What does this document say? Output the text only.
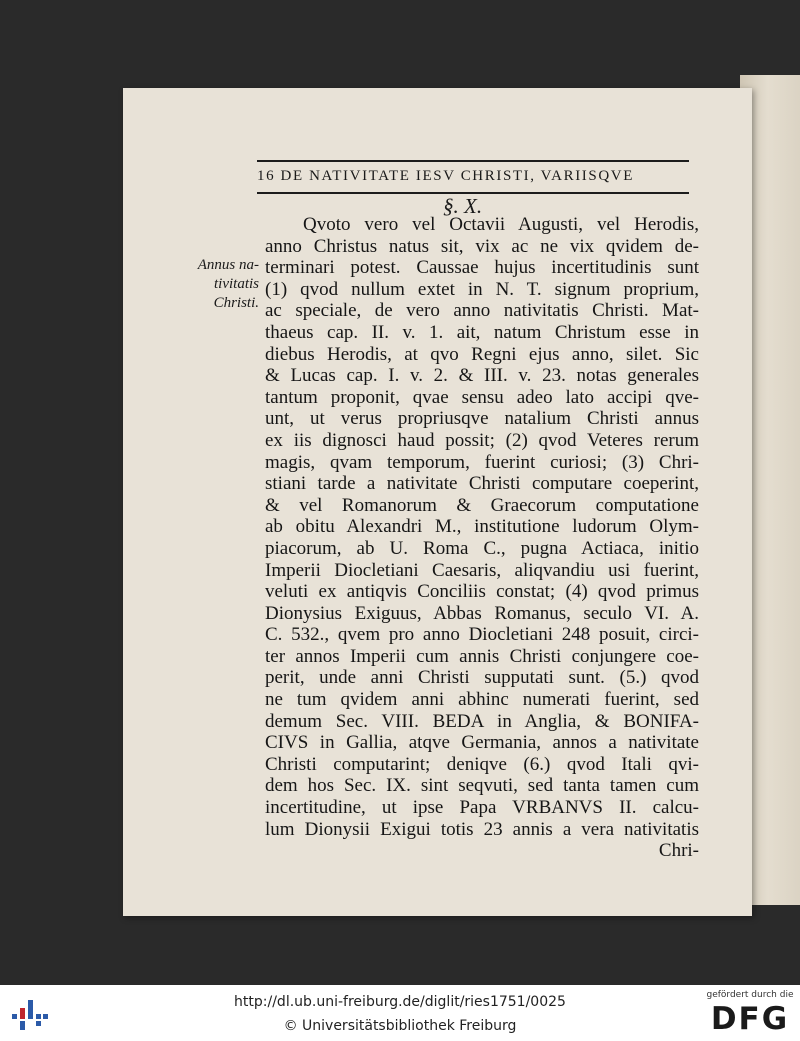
16 DE NATIVITATE IESV CHRISTI, VARIISQVE
§. X.
Annus na-
tivitatis
Christi.
Qvoto vero vel Octavii Augusti, vel Herodis,
anno Christus natus sit, vix ac ne vix qvidem de-
terminari potest. Caussae hujus incertitudinis sunt
(1) qvod nullum extet in N. T. signum proprium,
ac speciale, de vero anno nativitatis Christi. Mat-
thaeus cap. II. v. 1. ait, natum Christum esse in
diebus Herodis, at qvo Regni ejus anno, silet. Sic
& Lucas cap. I. v. 2. & III. v. 23. notas generales
tantum proponit, qvae sensu adeo lato accipi qve-
unt, ut verus propriusqve natalium Christi annus
ex iis dignosci haud possit; (2) qvod Veteres rerum
magis, qvam temporum, fuerint curiosi; (3) Chri-
stiani tarde a nativitate Christi computare coeperint,
& vel Romanorum & Graecorum computatione
ab obitu Alexandri M., institutione ludorum Olym-
piacorum, ab U. Roma C., pugna Actiaca, initio
Imperii Diocletiani Caesaris, aliqvandiu usi fuerint,
veluti ex antiqvis Conciliis constat; (4) qvod primus
Dionysius Exiguus, Abbas Romanus, seculo VI. A.
C. 532., qvem pro anno Diocletiani 248 posuit, circi-
ter annos Imperii cum annis Christi conjungere coe-
perit, unde anni Christi supputati sunt. (5.) qvod
ne tum qvidem anni abhinc numerati fuerint, sed
demum Sec. VIII. BEDA in Anglia, & BONIFA-
CIVS in Gallia, atqve Germania, annos a nativitate
Christi computarint; deniqve (6.) qvod Itali qvi-
dem hos Sec. IX. sint seqvuti, sed tanta tamen cum
incertitudine, ut ipse Papa VRBANVS II. calcu-
lum Dionysii Exigui totis 23 annis a vera nativitatis
Chri-
http://dl.ub.uni-freiburg.de/diglit/ries1751/0025
© Universitätsbibliothek Freiburg
gefördert durch die
DFG
